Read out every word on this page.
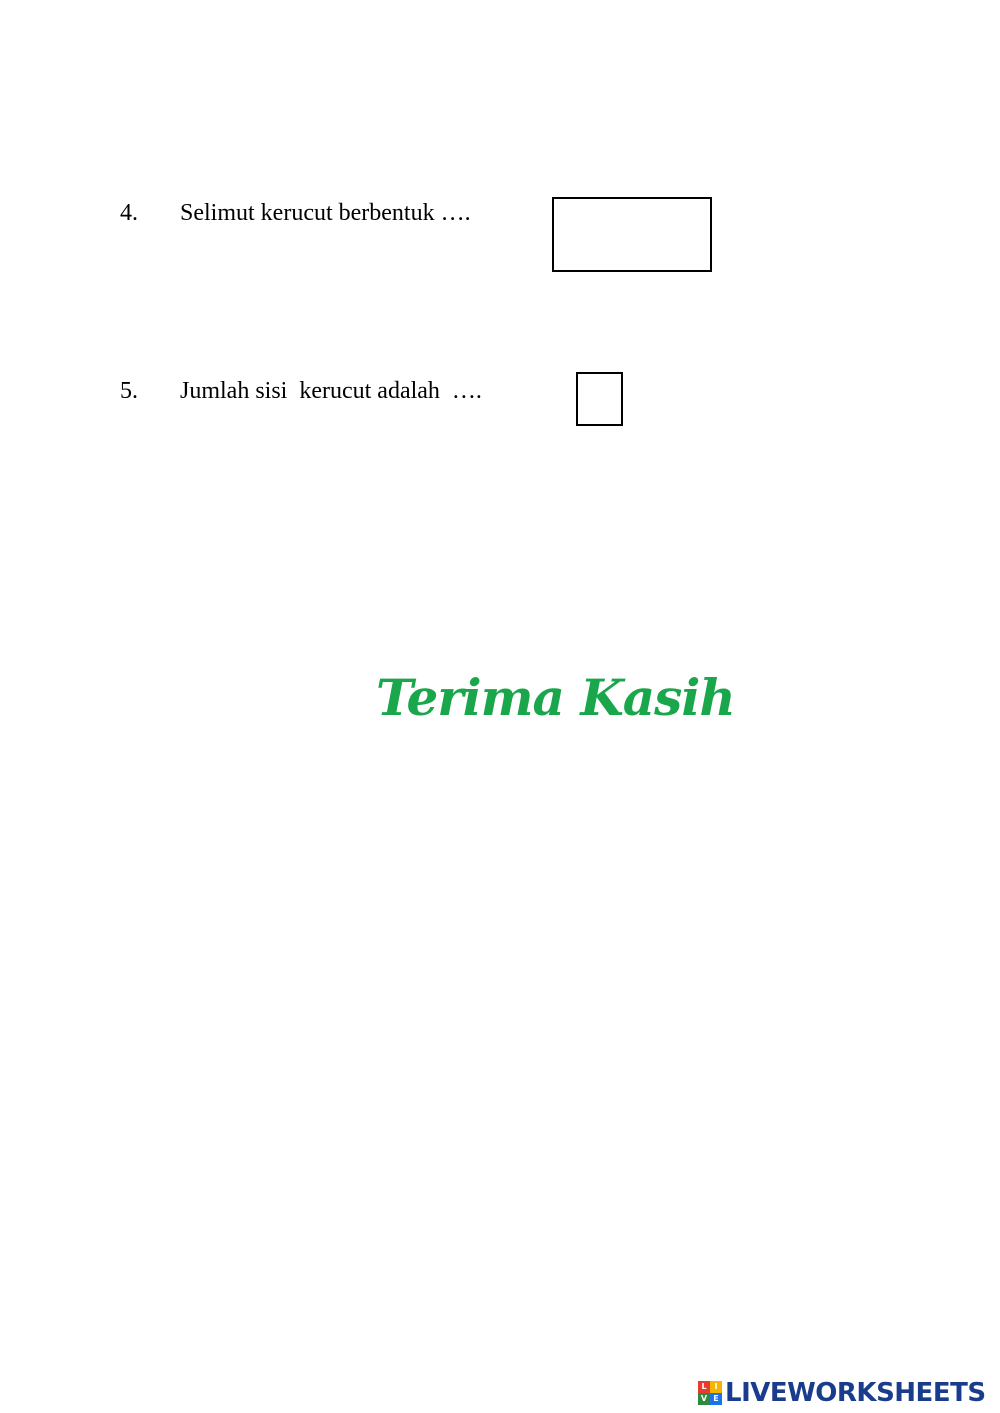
4. Selimut kerucut berbentuk ….
5. Jumlah sisi  kerucut adalah  ….
Terima Kasih
L I
V E LIVEWORKSHEETS
